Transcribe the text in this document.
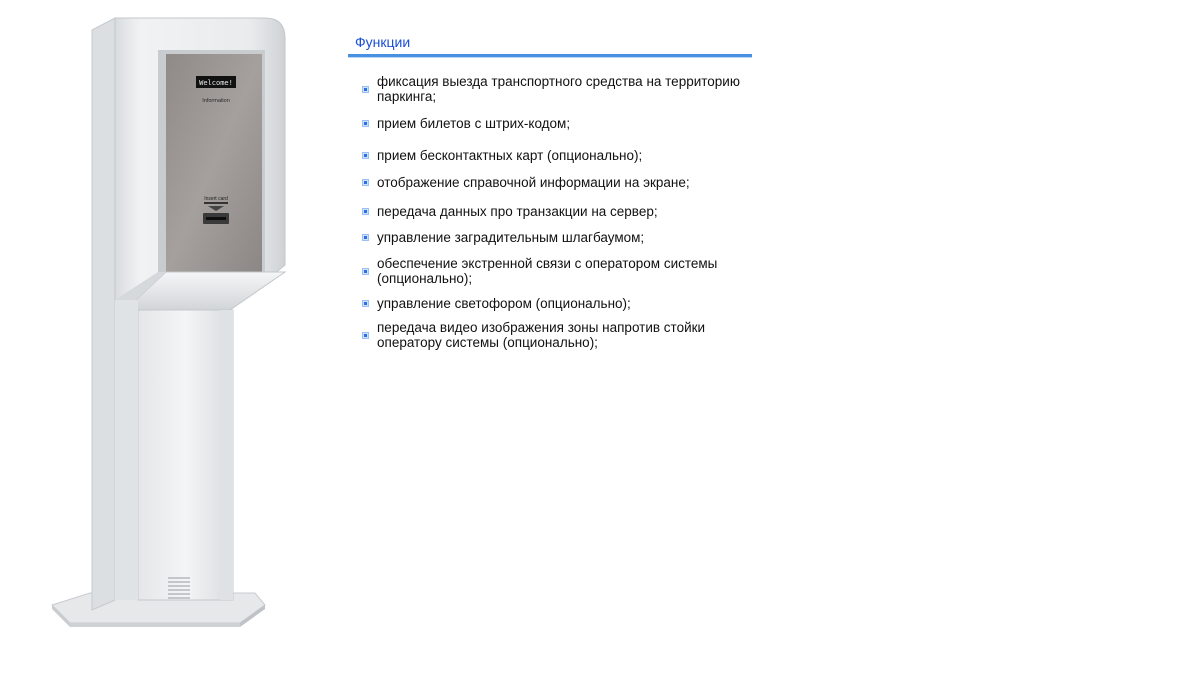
Welcome!
Information
Insert card
Функции
фиксация выезда транспортного средства на территорию паркинга;
прием билетов с штрих-кодом;
прием бесконтактных карт (опционально);
отображение справочной информации на экране;
передача данных про транзакции на сервер;
управление заградительным шлагбаумом;
обеспечение экстренной связи с оператором системы (опционально);
управление светофором (опционально);
передача видео изображения зоны напротив стойки оператору системы (опционально);
